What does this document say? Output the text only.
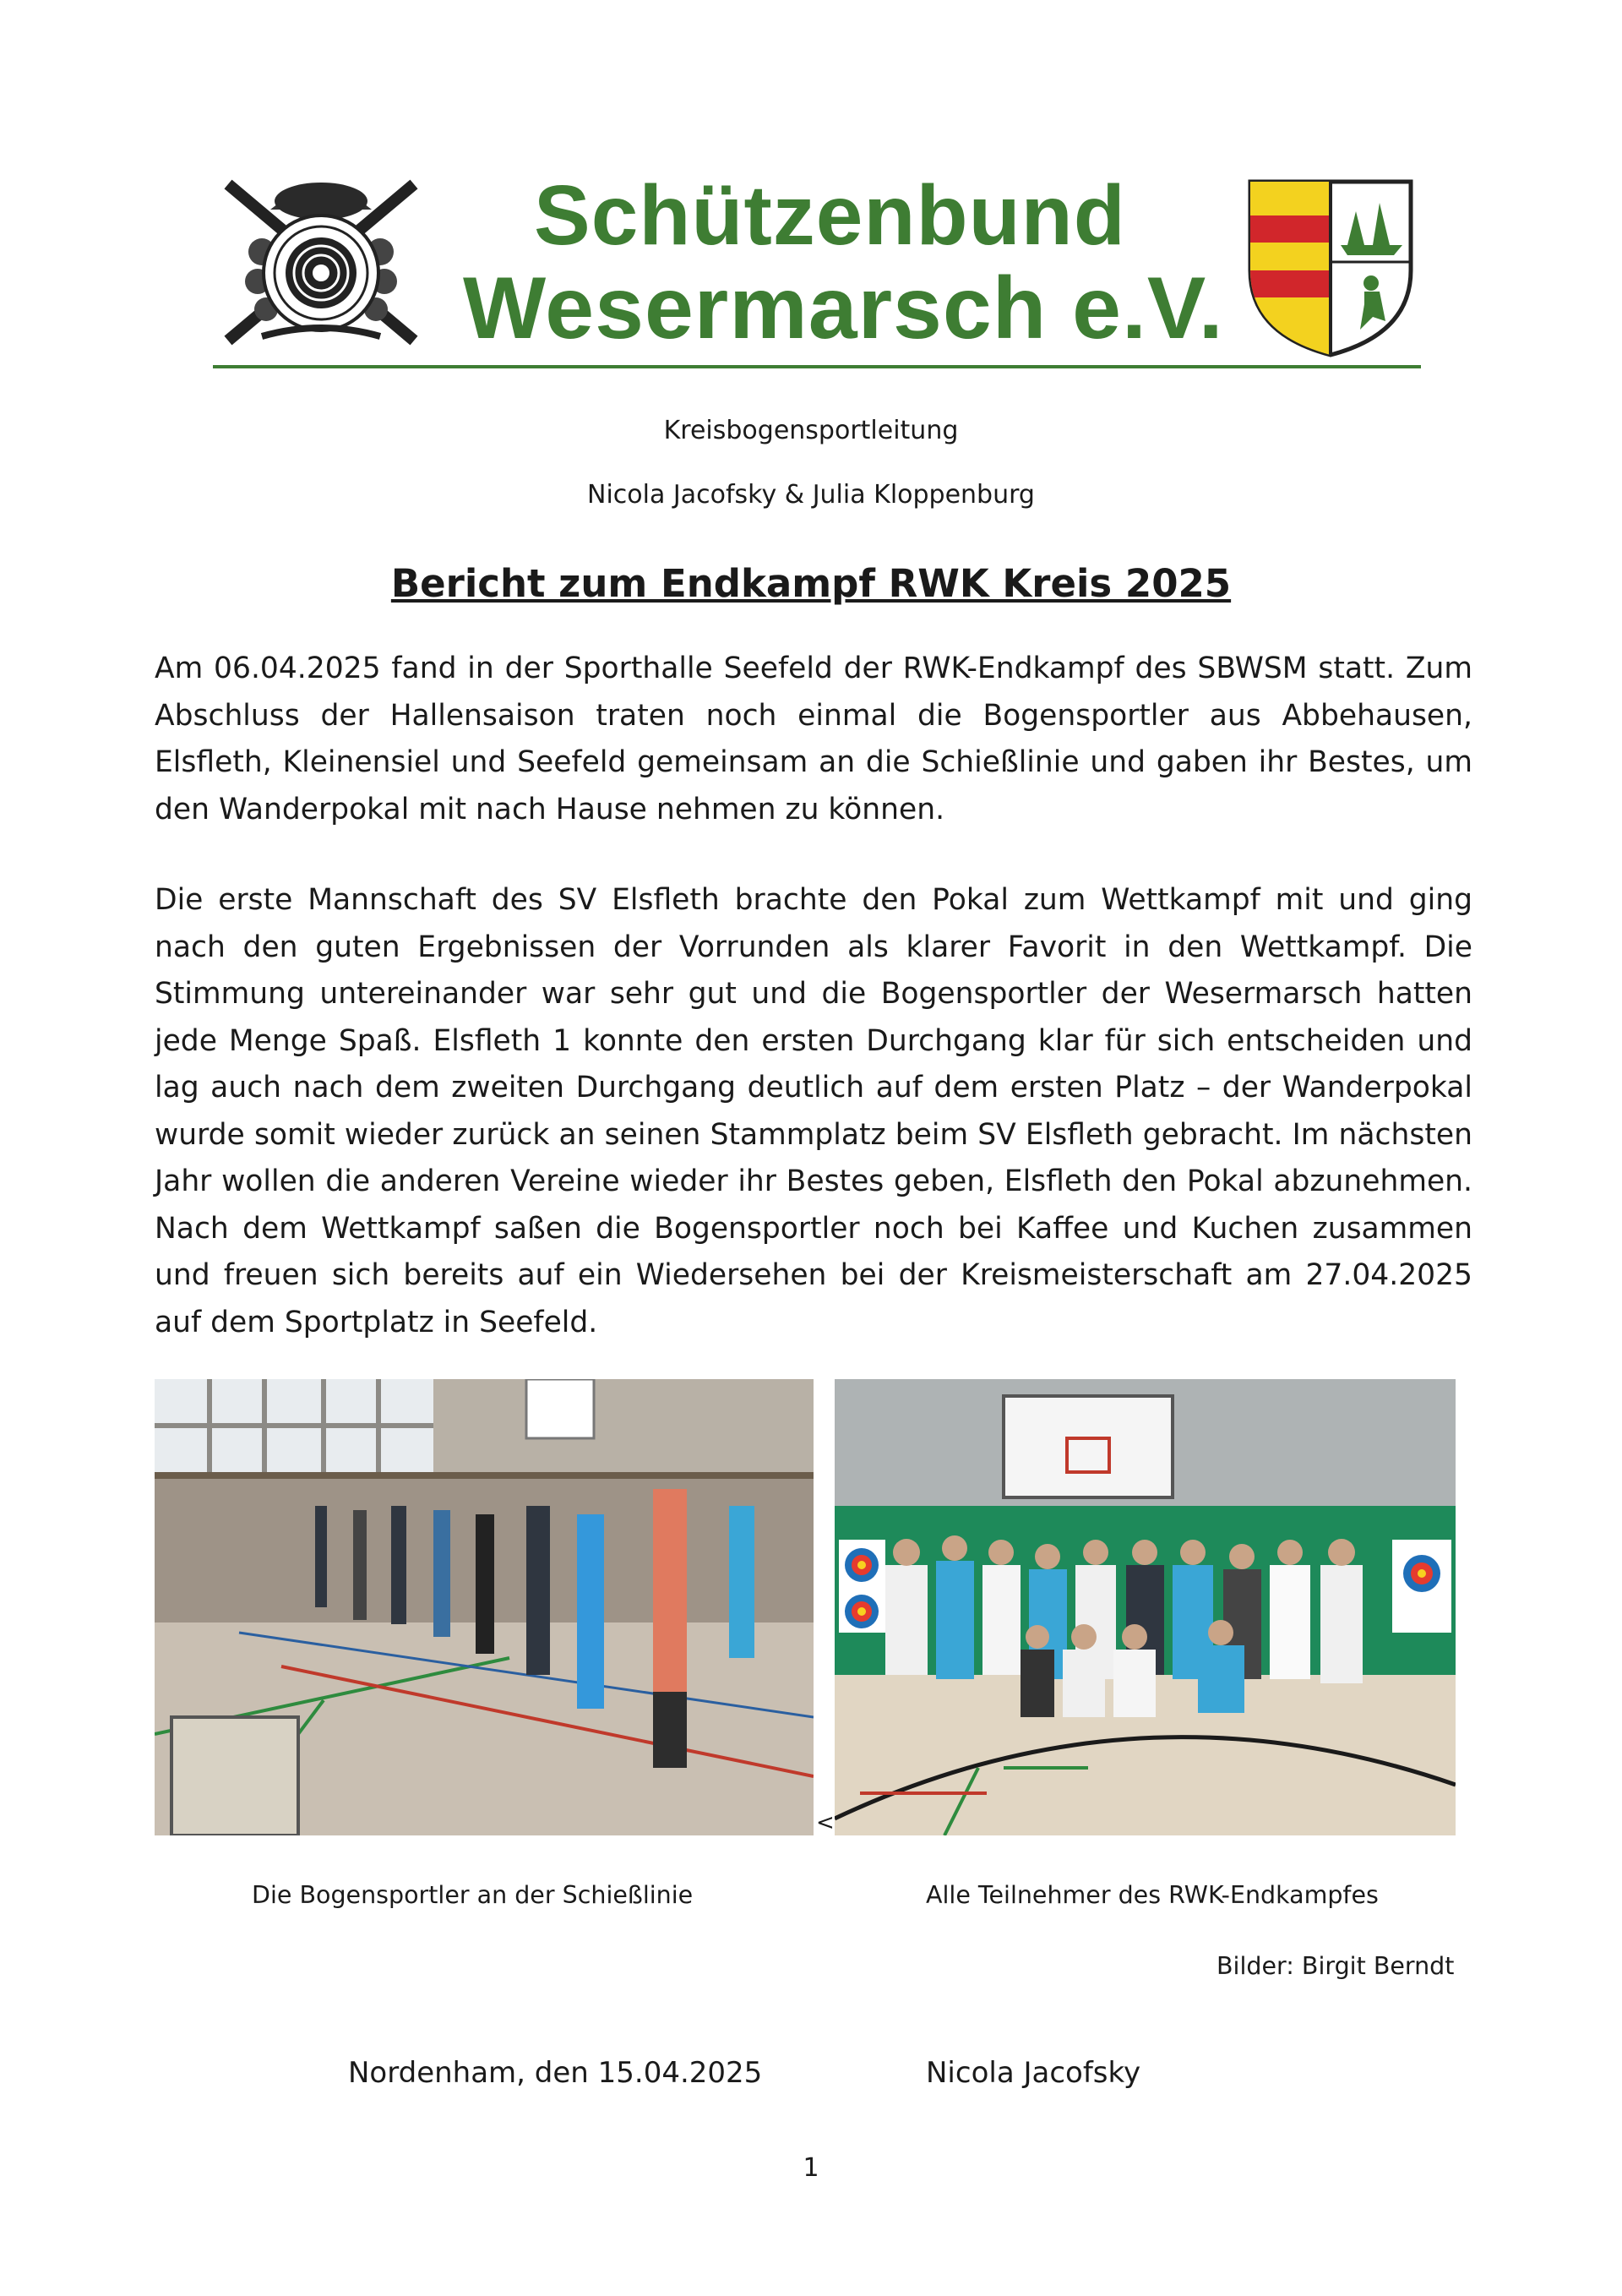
Schützenbund
Wesermarsch e.V.
Kreisbogensportleitung
Nicola Jacofsky & Julia Kloppenburg
Bericht zum Endkampf RWK Kreis 2025
Am 06.04.2025 fand in der Sporthalle Seefeld der RWK-Endkampf des SBWSM statt. Zum Abschluss der Hallensaison traten noch einmal die Bogensportler aus Abbehausen, Elsfleth, Kleinensiel und Seefeld gemeinsam an die Schießlinie und gaben ihr Bestes, um den Wanderpokal mit nach Hause nehmen zu können.
Die erste Mannschaft des SV Elsfleth brachte den Pokal zum Wettkampf mit und ging nach den guten Ergebnissen der Vorrunden als klarer Favorit in den Wettkampf. Die Stimmung untereinander war sehr gut und die Bogensportler der Wesermarsch hatten jede Menge Spaß. Elsfleth 1 konnte den ersten Durchgang klar für sich entscheiden und lag auch nach dem zweiten Durchgang deutlich auf dem ersten Platz – der Wanderpokal wurde somit wieder zurück an seinen Stammplatz beim SV Elsfleth gebracht. Im nächsten Jahr wollen die anderen Vereine wieder ihr Bestes geben, Elsfleth den Pokal abzunehmen. Nach dem Wettkampf saßen die Bogensportler noch bei Kaffee und Kuchen zusammen und freuen sich bereits auf ein Wiedersehen bei der Kreismeisterschaft am 27.04.2025 auf dem Sportplatz in Seefeld.
<
Die Bogensportler an der Schießlinie	Alle Teilnehmer des RWK-Endkampfes
Bilder: Birgit Berndt
Nordenham, den 15.04.2025	Nicola Jacofsky
1
